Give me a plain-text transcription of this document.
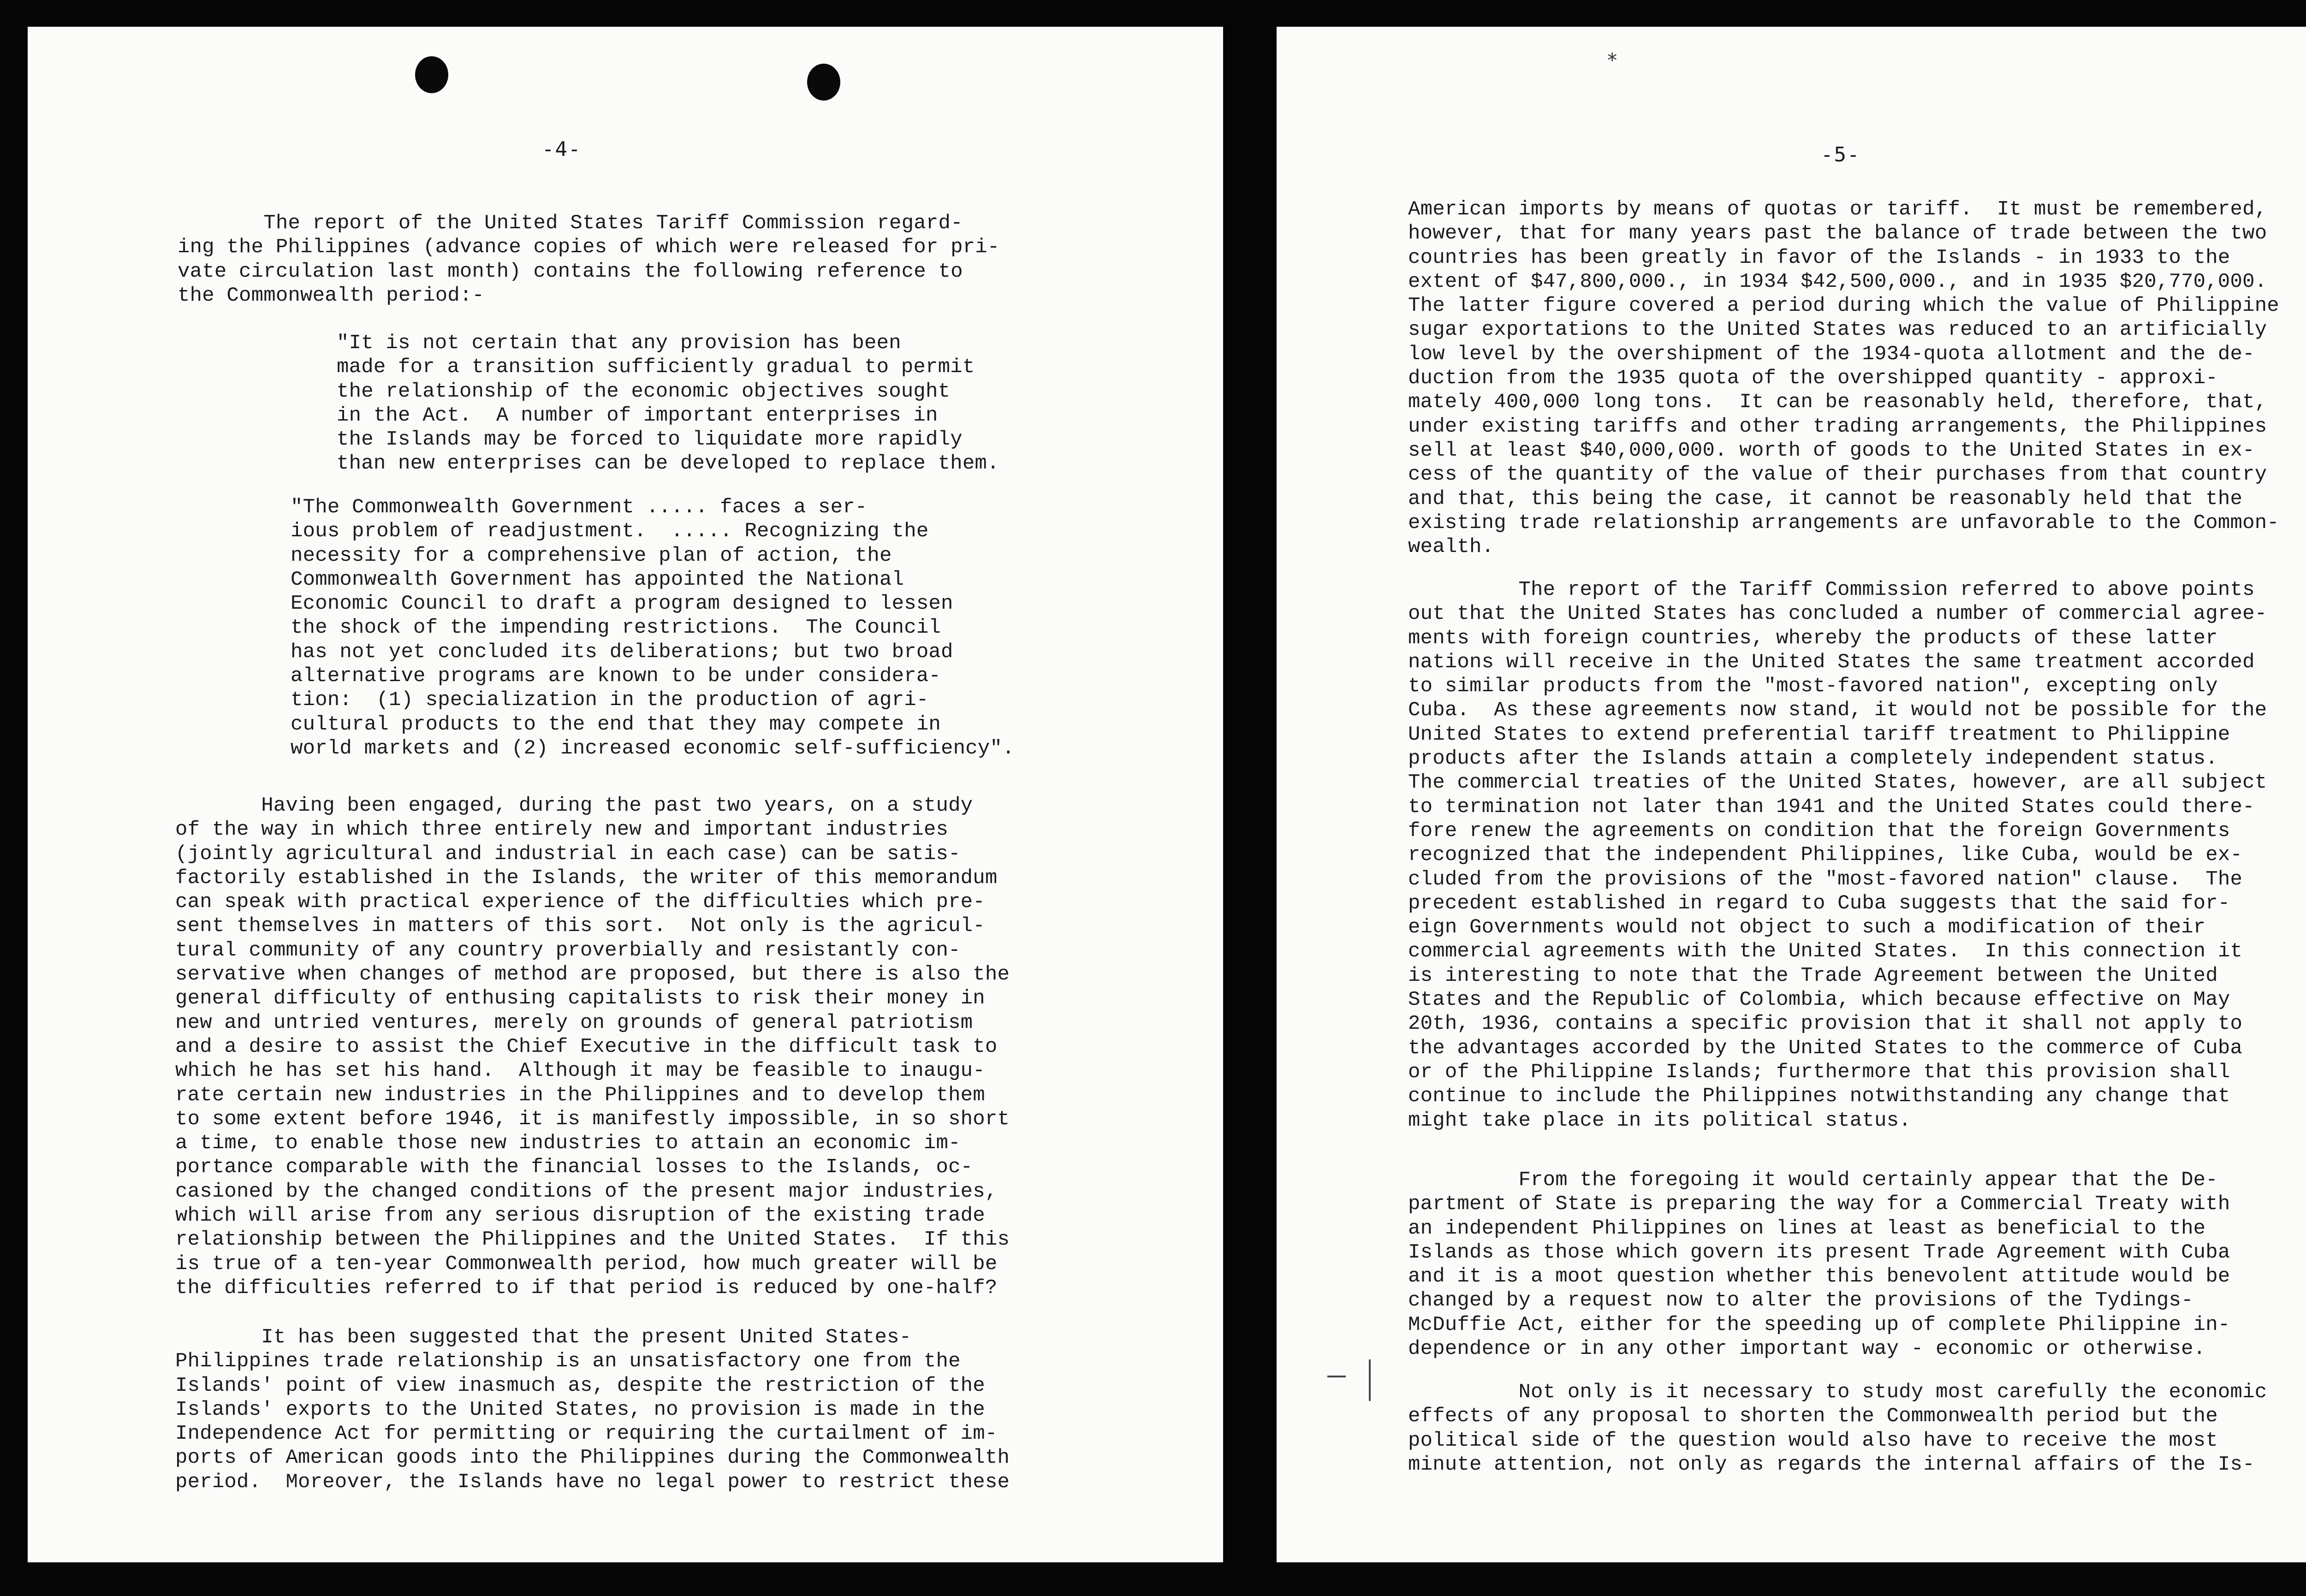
-4-
The report of the United States Tariff Commission regard-
ing the Philippines (advance copies of which were released for pri-
vate circulation last month) contains the following reference to
the Commonwealth period:-
"It is not certain that any provision has been
made for a transition sufficiently gradual to permit
the relationship of the economic objectives sought
in the Act.  A number of important enterprises in
the Islands may be forced to liquidate more rapidly
than new enterprises can be developed to replace them.
"The Commonwealth Government ..... faces a ser-
ious problem of readjustment.  ..... Recognizing the
necessity for a comprehensive plan of action, the
Commonwealth Government has appointed the National
Economic Council to draft a program designed to lessen
the shock of the impending restrictions.  The Council
has not yet concluded its deliberations; but two broad
alternative programs are known to be under considera-
tion:  (1) specialization in the production of agri-
cultural products to the end that they may compete in
world markets and (2) increased economic self-sufficiency".
Having been engaged, during the past two years, on a study
of the way in which three entirely new and important industries
(jointly agricultural and industrial in each case) can be satis-
factorily established in the Islands, the writer of this memorandum
can speak with practical experience of the difficulties which pre-
sent themselves in matters of this sort.  Not only is the agricul-
tural community of any country proverbially and resistantly con-
servative when changes of method are proposed, but there is also the
general difficulty of enthusing capitalists to risk their money in
new and untried ventures, merely on grounds of general patriotism
and a desire to assist the Chief Executive in the difficult task to
which he has set his hand.  Although it may be feasible to inaugu-
rate certain new industries in the Philippines and to develop them
to some extent before 1946, it is manifestly impossible, in so short
a time, to enable those new industries to attain an economic im-
portance comparable with the financial losses to the Islands, oc-
casioned by the changed conditions of the present major industries,
which will arise from any serious disruption of the existing trade
relationship between the Philippines and the United States.  If this
is true of a ten-year Commonwealth period, how much greater will be
the difficulties referred to if that period is reduced by one-half?
It has been suggested that the present United States-
Philippines trade relationship is an unsatisfactory one from the
Islands' point of view inasmuch as, despite the restriction of the
Islands' exports to the United States, no provision is made in the
Independence Act for permitting or requiring the curtailment of im-
ports of American goods into the Philippines during the Commonwealth
period.  Moreover, the Islands have no legal power to restrict these
*
-5-
American imports by means of quotas or tariff.  It must be remembered,
however, that for many years past the balance of trade between the two
countries has been greatly in favor of the Islands - in 1933 to the
extent of $47,800,000., in 1934 $42,500,000., and in 1935 $20,770,000.
The latter figure covered a period during which the value of Philippine
sugar exportations to the United States was reduced to an artificially
low level by the overshipment of the 1934-quota allotment and the de-
duction from the 1935 quota of the overshipped quantity - approxi-
mately 400,000 long tons.  It can be reasonably held, therefore, that,
under existing tariffs and other trading arrangements, the Philippines
sell at least $40,000,000. worth of goods to the United States in ex-
cess of the quantity of the value of their purchases from that country
and that, this being the case, it cannot be reasonably held that the
existing trade relationship arrangements are unfavorable to the Common-
wealth.
The report of the Tariff Commission referred to above points
out that the United States has concluded a number of commercial agree-
ments with foreign countries, whereby the products of these latter
nations will receive in the United States the same treatment accorded
to similar products from the "most-favored nation", excepting only
Cuba.  As these agreements now stand, it would not be possible for the
United States to extend preferential tariff treatment to Philippine
products after the Islands attain a completely independent status.
The commercial treaties of the United States, however, are all subject
to termination not later than 1941 and the United States could there-
fore renew the agreements on condition that the foreign Governments
recognized that the independent Philippines, like Cuba, would be ex-
cluded from the provisions of the "most-favored nation" clause.  The
precedent established in regard to Cuba suggests that the said for-
eign Governments would not object to such a modification of their
commercial agreements with the United States.  In this connection it
is interesting to note that the Trade Agreement between the United
States and the Republic of Colombia, which because effective on May
20th, 1936, contains a specific provision that it shall not apply to
the advantages accorded by the United States to the commerce of Cuba
or of the Philippine Islands; furthermore that this provision shall
continue to include the Philippines notwithstanding any change that
might take place in its political status.
From the foregoing it would certainly appear that the De-
partment of State is preparing the way for a Commercial Treaty with
an independent Philippines on lines at least as beneficial to the
Islands as those which govern its present Trade Agreement with Cuba
and it is a moot question whether this benevolent attitude would be
changed by a request now to alter the provisions of the Tydings-
McDuffie Act, either for the speeding up of complete Philippine in-
dependence or in any other important way - economic or otherwise.
Not only is it necessary to study most carefully the economic
effects of any proposal to shorten the Commonwealth period but the
political side of the question would also have to receive the most
minute attention, not only as regards the internal affairs of the Is-
